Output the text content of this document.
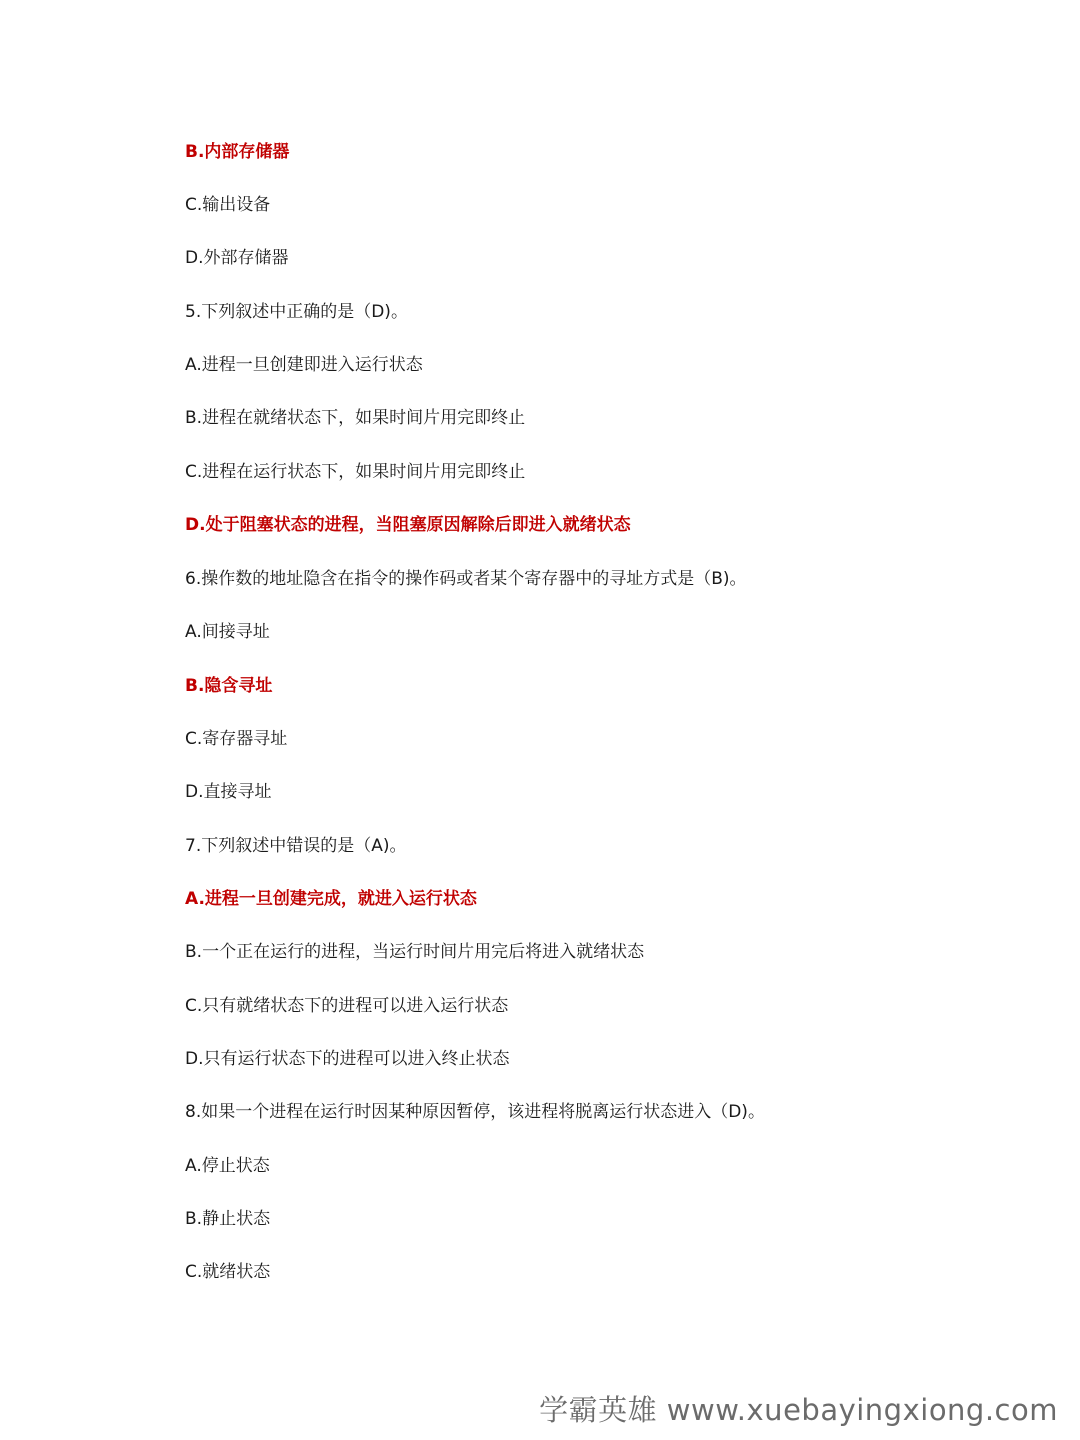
B.内部存储器
C.输出设备
D.外部存储器
5.下列叙述中正确的是（D)。
A.进程一旦创建即进入运行状态
B.进程在就绪状态下，如果时间片用完即终止
C.进程在运行状态下，如果时间片用完即终止
D.处于阻塞状态的进程，当阻塞原因解除后即进入就绪状态
6.操作数的地址隐含在指令的操作码或者某个寄存器中的寻址方式是（B)。
A.间接寻址
B.隐含寻址
C.寄存器寻址
D.直接寻址
7.下列叙述中错误的是（A)。
A.进程一旦创建完成，就进入运行状态
B.一个正在运行的进程，当运行时间片用完后将进入就绪状态
C.只有就绪状态下的进程可以进入运行状态
D.只有运行状态下的进程可以进入终止状态
8.如果一个进程在运行时因某种原因暂停，该进程将脱离运行状态进入（D)。
A.停止状态
B.静止状态
C.就绪状态
学霸英雄 www.xuebayingxiong.com
